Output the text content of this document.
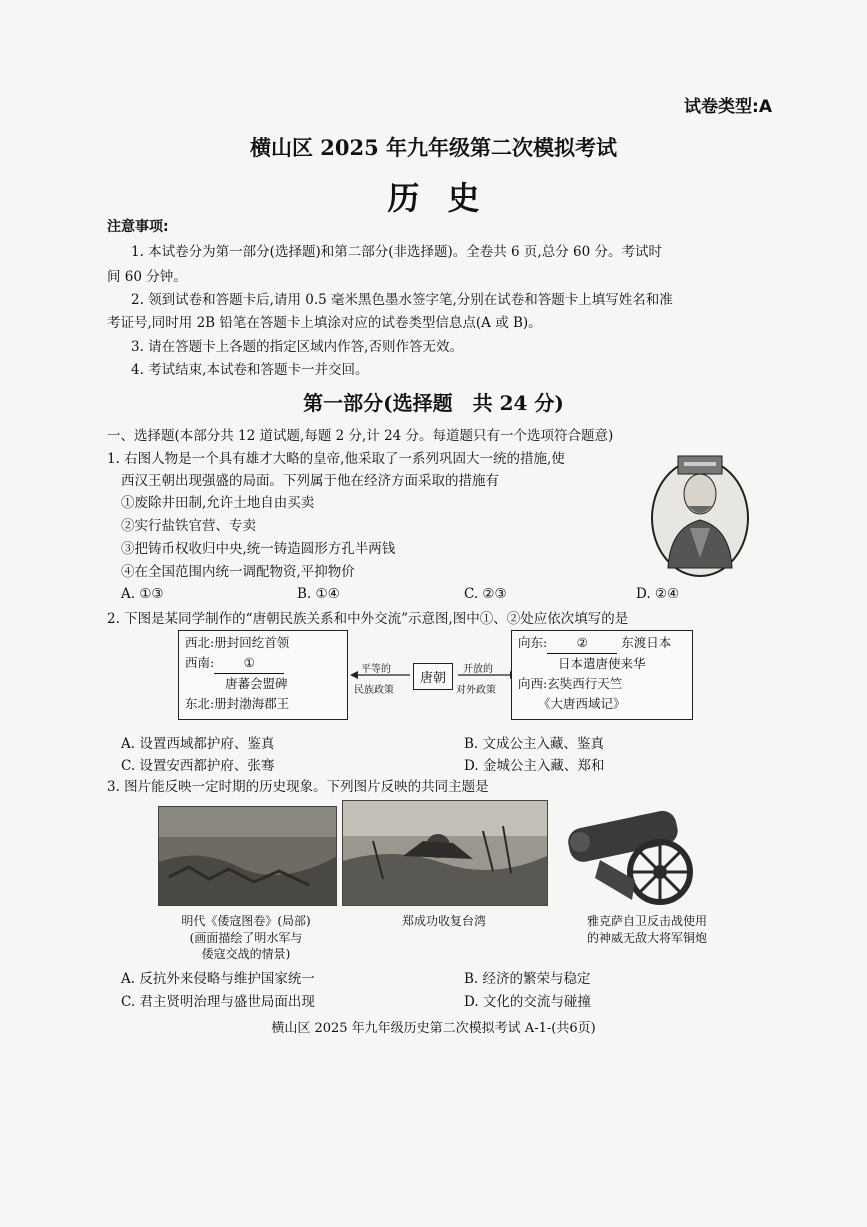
试卷类型:A
横山区 2025 年九年级第二次模拟考试
历史
注意事项:
1. 本试卷分为第一部分(选择题)和第二部分(非选择题)。全卷共 6 页,总分 60 分。考试时
间 60 分钟。
2. 领到试卷和答题卡后,请用 0.5 毫米黑色墨水签字笔,分别在试卷和答题卡上填写姓名和准
考证号,同时用 2B 铅笔在答题卡上填涂对应的试卷类型信息点(A 或 B)。
3. 请在答题卡上各题的指定区域内作答,否则作答无效。
4. 考试结束,本试卷和答题卡一并交回。
第一部分(选择题　共 24 分)
一、选择题(本部分共 12 道试题,每题 2 分,计 24 分。每道题只有一个选项符合题意)
1. 右图人物是一个具有雄才大略的皇帝,他采取了一系列巩固大一统的措施,使
西汉王朝出现强盛的局面。下列属于他在经济方面采取的措施有
①废除井田制,允许土地自由买卖
②实行盐铁官营、专卖
③把铸币权收归中央,统一铸造圆形方孔半两钱
④在全国范围内统一调配物资,平抑物价
A. ①③	B. ①④	C. ②③	D. ②④
2. 下图是某同学制作的“唐朝民族关系和中外交流”示意图,图中①、②处应依次填写的是
西北:册封回纥首领
西南: ①
唐蕃会盟碑
东北:册封渤海郡王
平等的
民族政策
唐朝
开放的
对外政策
向东: ②	东渡日本
日本遣唐使来华
向西:玄奘西行天竺
《大唐西域记》
A. 设置西域都护府、鉴真	B. 文成公主入藏、鉴真
C. 设置安西都护府、张骞	D. 金城公主入藏、郑和
3. 图片能反映一定时期的历史现象。下列图片反映的共同主题是
明代《倭寇图卷》(局部)
(画面描绘了明水军与
倭寇交战的情景)
郑成功收复台湾	雅克萨自卫反击战使用
的神威无敌大将军铜炮
A. 反抗外来侵略与维护国家统一	B. 经济的繁荣与稳定
C. 君主贤明治理与盛世局面出现	D. 文化的交流与碰撞
横山区 2025 年九年级历史第二次模拟考试 A-1-(共6页)
